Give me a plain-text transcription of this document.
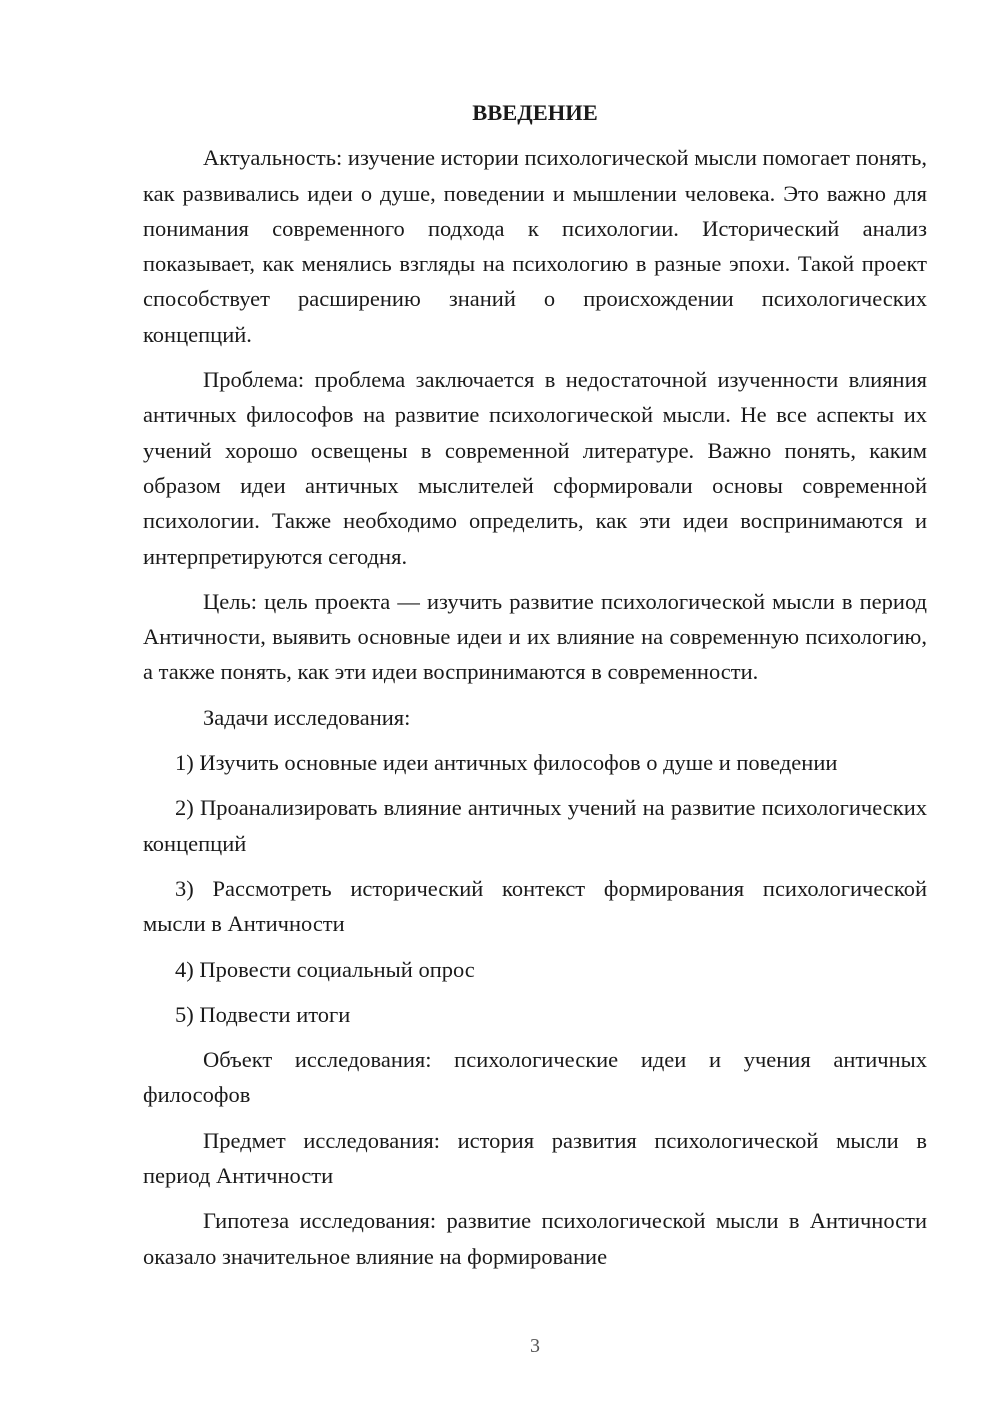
ВВЕДЕНИЕ

Актуальность: изучение истории психологической мысли помогает понять, как развивались идеи о душе, поведении и мышлении человека. Это важно для понимания современного подхода к психологии. Исторический анализ показывает, как менялись взгляды на психологию в разные эпохи. Такой проект способствует расширению знаний о происхождении психологических концепций.

Проблема: проблема заключается в недостаточной изученности влияния античных философов на развитие психологической мысли. Не все аспекты их учений хорошо освещены в современной литературе. Важно понять, каким образом идеи античных мыслителей сформировали основы современной психологии. Также необходимо определить, как эти идеи воспринимаются и интерпретируются сегодня.

Цель: цель проекта — изучить развитие психологической мысли в период Античности, выявить основные идеи и их влияние на современную психологию, а также понять, как эти идеи воспринимаются в современности.

Задачи исследования:

1) Изучить основные идеи античных философов о душе и поведении

2) Проанализировать влияние античных учений на развитие психологических концепций

3) Рассмотреть исторический контекст формирования психологической мысли в Античности

4) Провести социальный опрос

5) Подвести итоги

Объект исследования: психологические идеи и учения античных философов

Предмет исследования: история развития психологической мысли в период Античности

Гипотеза исследования: развитие психологической мысли в Античности оказало значительное влияние на формирование

3
